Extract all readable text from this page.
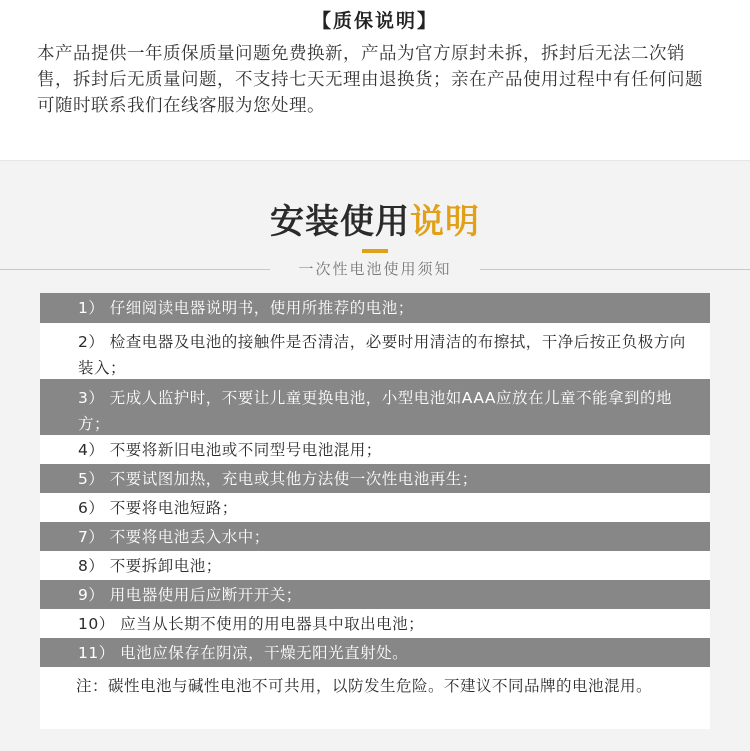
【质保说明】
本产品提供一年质保质量问题免费换新，产品为官方原封未拆，拆封后无法二次销售，拆封后无质量问题，不支持七天无理由退换货；亲在产品使用过程中有任何问题可随时联系我们在线客服为您处理。
安装使用说明
一次性电池使用须知
1） 仔细阅读电器说明书，使用所推荐的电池；
2） 检查电器及电池的接触件是否清洁，必要时用清洁的布擦拭，干净后按正负极方向装入；
3） 无成人监护时，不要让儿童更换电池，小型电池如AAA应放在儿童不能拿到的地方；
4） 不要将新旧电池或不同型号电池混用；
5） 不要试图加热，充电或其他方法使一次性电池再生；
6） 不要将电池短路；
7） 不要将电池丢入水中；
8） 不要拆卸电池；
9） 用电器使用后应断开开关；
10） 应当从长期不使用的用电器具中取出电池；
11） 电池应保存在阴凉，干燥无阳光直射处。
注：碳性电池与碱性电池不可共用，以防发生危险。不建议不同品牌的电池混用。
